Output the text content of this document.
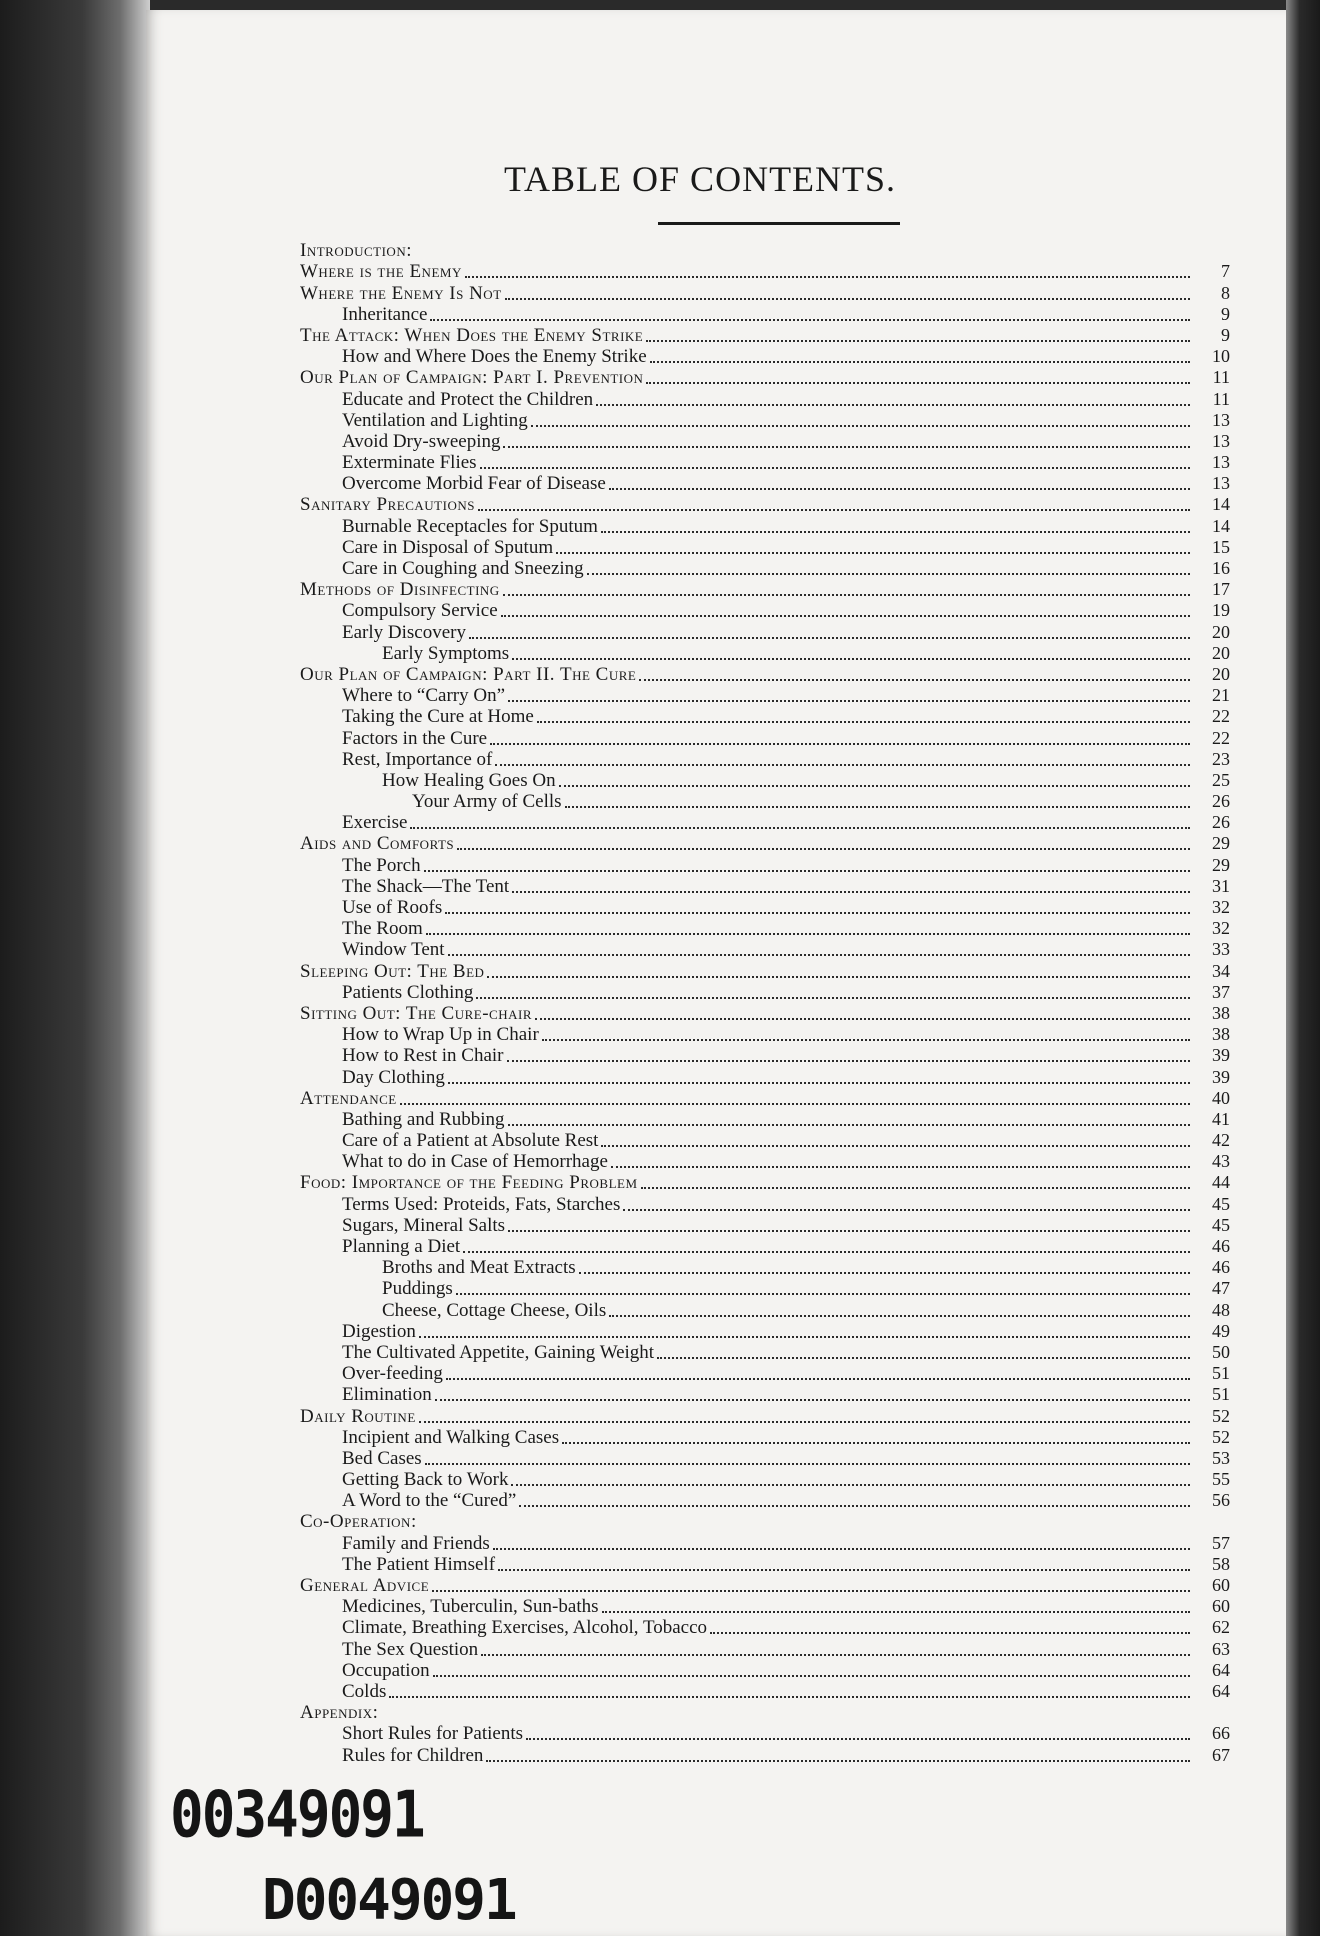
TABLE OF CONTENTS.
Introduction:
Where is the Enemy	7
Where the Enemy Is Not	8
Inheritance	9
The Attack: When Does the Enemy Strike	9
How and Where Does the Enemy Strike	10
Our Plan of Campaign: Part I. Prevention	11
Educate and Protect the Children	11
Ventilation and Lighting	13
Avoid Dry-sweeping	13
Exterminate Flies	13
Overcome Morbid Fear of Disease	13
Sanitary Precautions	14
Burnable Receptacles for Sputum	14
Care in Disposal of Sputum	15
Care in Coughing and Sneezing	16
Methods of Disinfecting	17
Compulsory Service	19
Early Discovery	20
Early Symptoms	20
Our Plan of Campaign: Part II. The Cure	20
Where to “Carry On”	21
Taking the Cure at Home	22
Factors in the Cure	22
Rest, Importance of	23
How Healing Goes On	25
Your Army of Cells	26
Exercise	26
Aids and Comforts	29
The Porch	29
The Shack—The Tent	31
Use of Roofs	32
The Room	32
Window Tent	33
Sleeping Out: The Bed	34
Patients Clothing	37
Sitting Out: The Cure-chair	38
How to Wrap Up in Chair	38
How to Rest in Chair	39
Day Clothing	39
Attendance	40
Bathing and Rubbing	41
Care of a Patient at Absolute Rest	42
What to do in Case of Hemorrhage	43
Food: Importance of the Feeding Problem	44
Terms Used: Proteids, Fats, Starches	45
Sugars, Mineral Salts	45
Planning a Diet	46
Broths and Meat Extracts	46
Puddings	47
Cheese, Cottage Cheese, Oils	48
Digestion	49
The Cultivated Appetite, Gaining Weight	50
Over-feeding	51
Elimination	51
Daily Routine	52
Incipient and Walking Cases	52
Bed Cases	53
Getting Back to Work	55
A Word to the “Cured”	56
Co-Operation:
Family and Friends	57
The Patient Himself	58
General Advice	60
Medicines, Tuberculin, Sun-baths	60
Climate, Breathing Exercises, Alcohol, Tobacco	62
The Sex Question	63
Occupation	64
Colds	64
Appendix:
Short Rules for Patients	66
Rules for Children	67
00349091
D0049091
